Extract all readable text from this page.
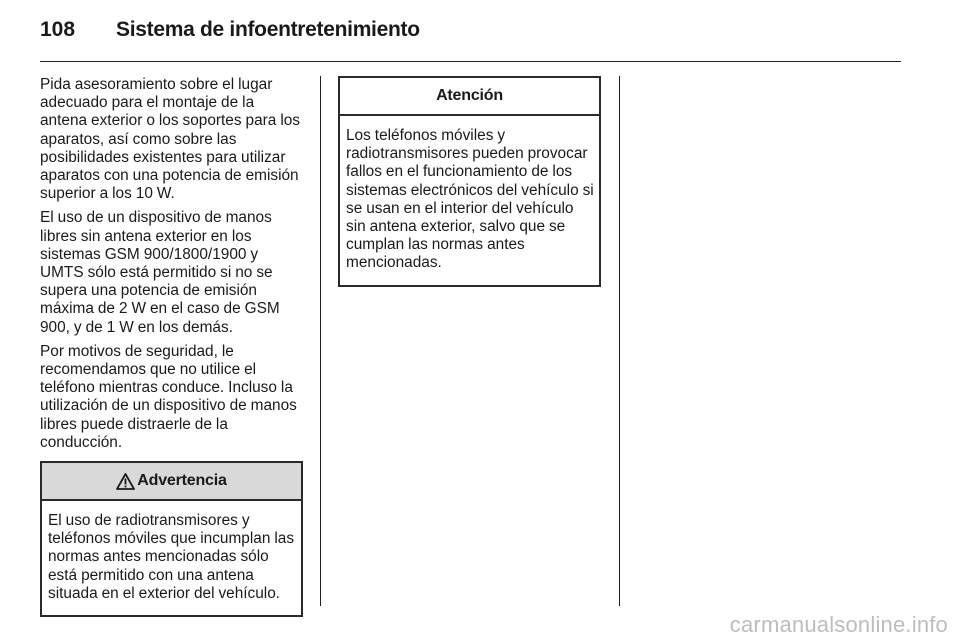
108	Sistema de infoentretenimiento

Pida asesoramiento sobre el lugar adecuado para el montaje de la antena exterior o los soportes para los aparatos, así como sobre las posibilidades existentes para utilizar aparatos con una potencia de emisión superior a los 10 W.

El uso de un dispositivo de manos libres sin antena exterior en los sistemas GSM 900/1800/1900 y UMTS sólo está permitido si no se supera una potencia de emisión máxima de 2 W en el caso de GSM 900, y de 1 W en los demás.

Por motivos de seguridad, le recomendamos que no utilice el teléfono mientras conduce. Incluso la utilización de un dispositivo de manos libres puede distraerle de la conducción.

Advertencia
El uso de radiotransmisores y teléfonos móviles que incumplan las normas antes mencionadas sólo está permitido con una antena situada en el exterior del vehículo.
Atención
Los teléfonos móviles y radiotransmisores pueden provocar fallos en el funcionamiento de los sistemas electrónicos del vehículo si se usan en el interior del vehículo sin antena exterior, salvo que se cumplan las normas antes mencionadas.
carmanualsonline.info
